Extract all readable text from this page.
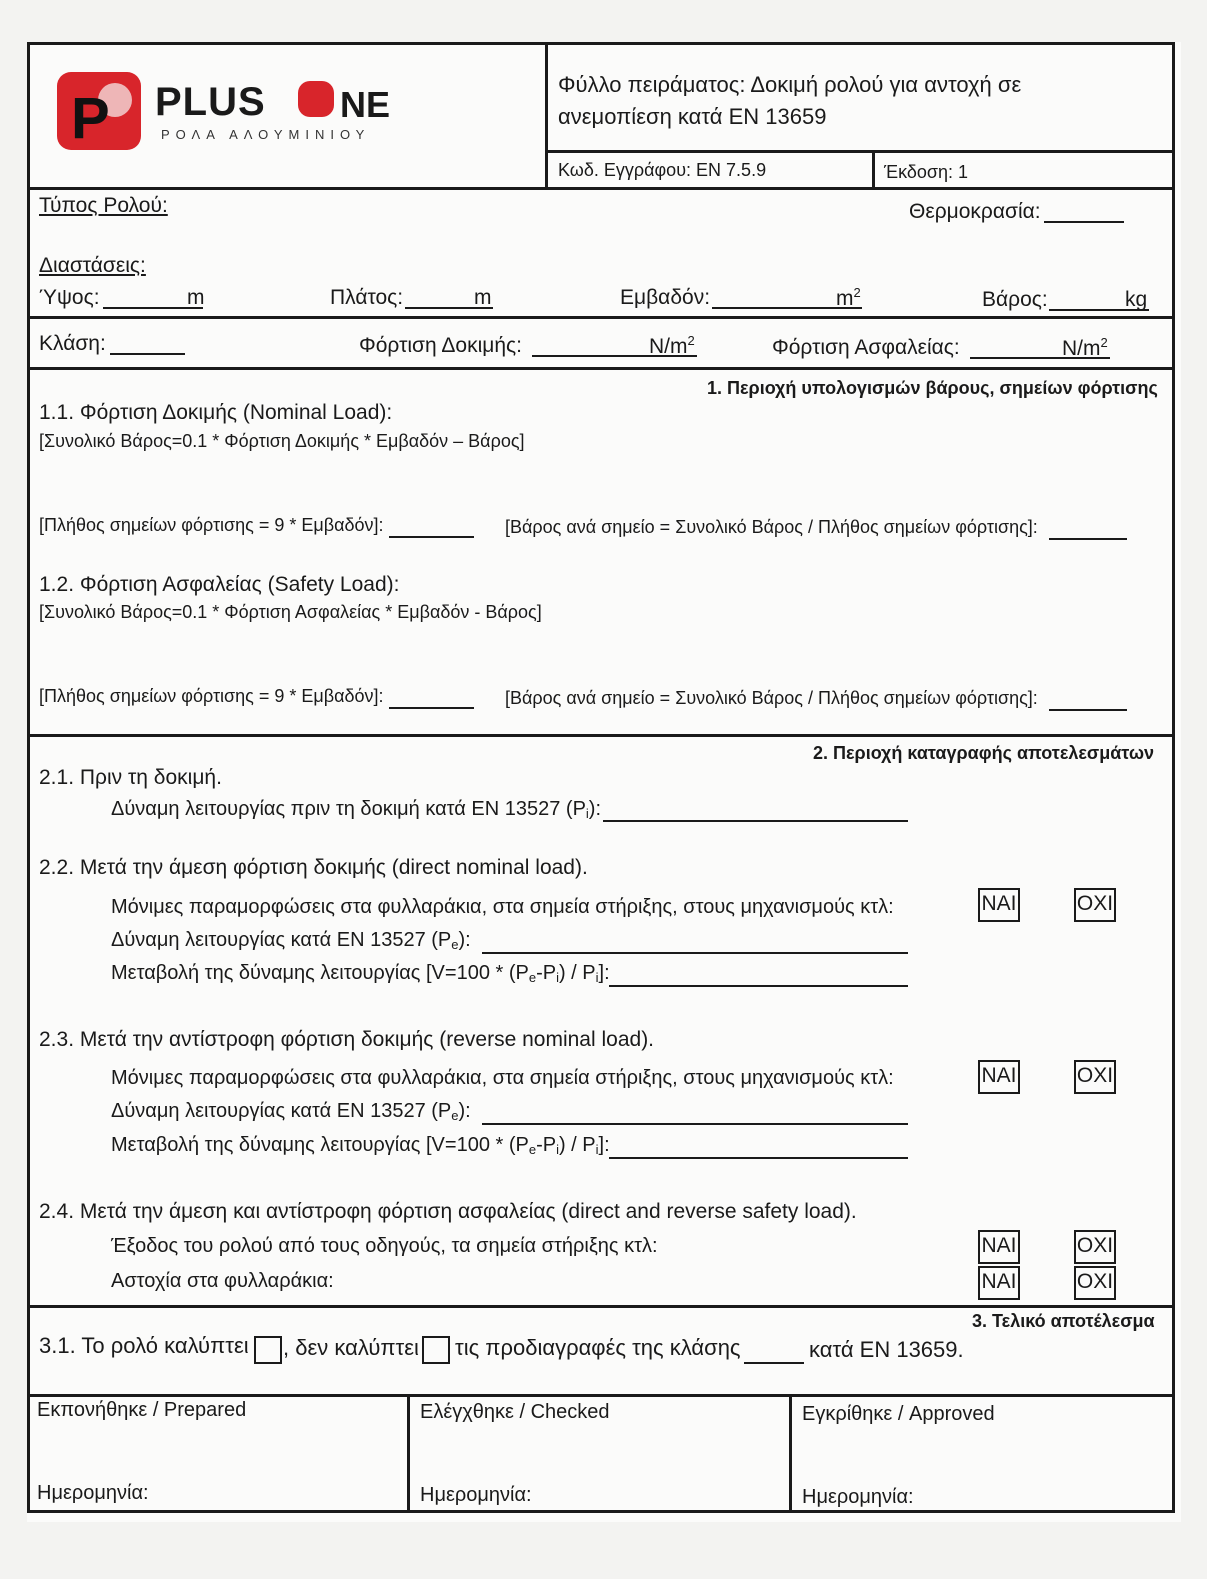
P PLUS NE
ΡΟΛΑ ΑΛΟΥΜΙΝΙΟΥ
Φύλλο πειράματος: Δοκιμή ρολού για αντοχή σε
ανεμοπίεση κατά EN 13659
Κωδ. Εγγράφου: EN 7.5.9	Έκδοση: 1
Τύπος Ρολού:	Θερμοκρασία:
Διαστάσεις:
Ύψος:	m	Πλάτος:	m	Εμβαδόν:	$m^2$	Βάρος:	kg
Κλάση:	Φόρτιση Δοκιμής:	$N/m^2$	Φόρτιση Ασφαλείας:	$N/m^2$
1. Περιοχή υπολογισμών βάρους, σημείων φόρτισης
1.1. Φόρτιση Δοκιμής (Nominal Load):
[Συνολικό Βάρος=0.1 * Φόρτιση Δοκιμής * Εμβαδόν – Βάρος]
[Πλήθος σημείων φόρτισης = 9 * Εμβαδόν]:	[Βάρος ανά σημείο = Συνολικό Βάρος / Πλήθος σημείων φόρτισης]:
1.2. Φόρτιση Ασφαλείας (Safety Load):
[Συνολικό Βάρος=0.1 * Φόρτιση Ασφαλείας * Εμβαδόν - Βάρος]
[Πλήθος σημείων φόρτισης = 9 * Εμβαδόν]:	[Βάρος ανά σημείο = Συνολικό Βάρος / Πλήθος σημείων φόρτισης]:
2. Περιοχή καταγραφής αποτελεσμάτων
2.1. Πριν τη δοκιμή.
Δύναμη λειτουργίας πριν τη δοκιμή κατά EN 13527 $(P_i)$:
2.2. Μετά την άμεση φόρτιση δοκιμής (direct nominal load).
Μόνιμες παραμορφώσεις στα φυλλαράκια, στα σημεία στήριξης, στους μηχανισμούς κτλ:	ΝΑΙ	ΟΧΙ
Δύναμη λειτουργίας κατά EN 13527 $(P_e)$:
Μεταβολή της δύναμης λειτουργίας $[V=100 * (P_e-P_i) / P_i]$:
2.3. Μετά την αντίστροφη φόρτιση δοκιμής (reverse nominal load).
Μόνιμες παραμορφώσεις στα φυλλαράκια, στα σημεία στήριξης, στους μηχανισμούς κτλ:	ΝΑΙ	ΟΧΙ
Δύναμη λειτουργίας κατά EN 13527 $(P_e)$:
Μεταβολή της δύναμης λειτουργίας $[V=100 * (P_e-P_i) / P_i]$:
2.4. Μετά την άμεση και αντίστροφη φόρτιση ασφαλείας (direct and reverse safety load).
Έξοδος του ρολού από τους οδηγούς, τα σημεία στήριξης κτλ:	ΝΑΙ	ΟΧΙ
Αστοχία στα φυλλαράκια:	ΝΑΙ	ΟΧΙ
3. Τελικό αποτέλεσμα
3.1. Το ρολό καλύπτει , δεν καλύπτει τις προδιαγραφές της κλάσης	κατά EN 13659.
Εκπονήθηκε / Prepared	Ελέγχθηκε / Checked	Εγκρίθηκε / Approved
Ημερομηνία:	Ημερομηνία:	Ημερομηνία:
